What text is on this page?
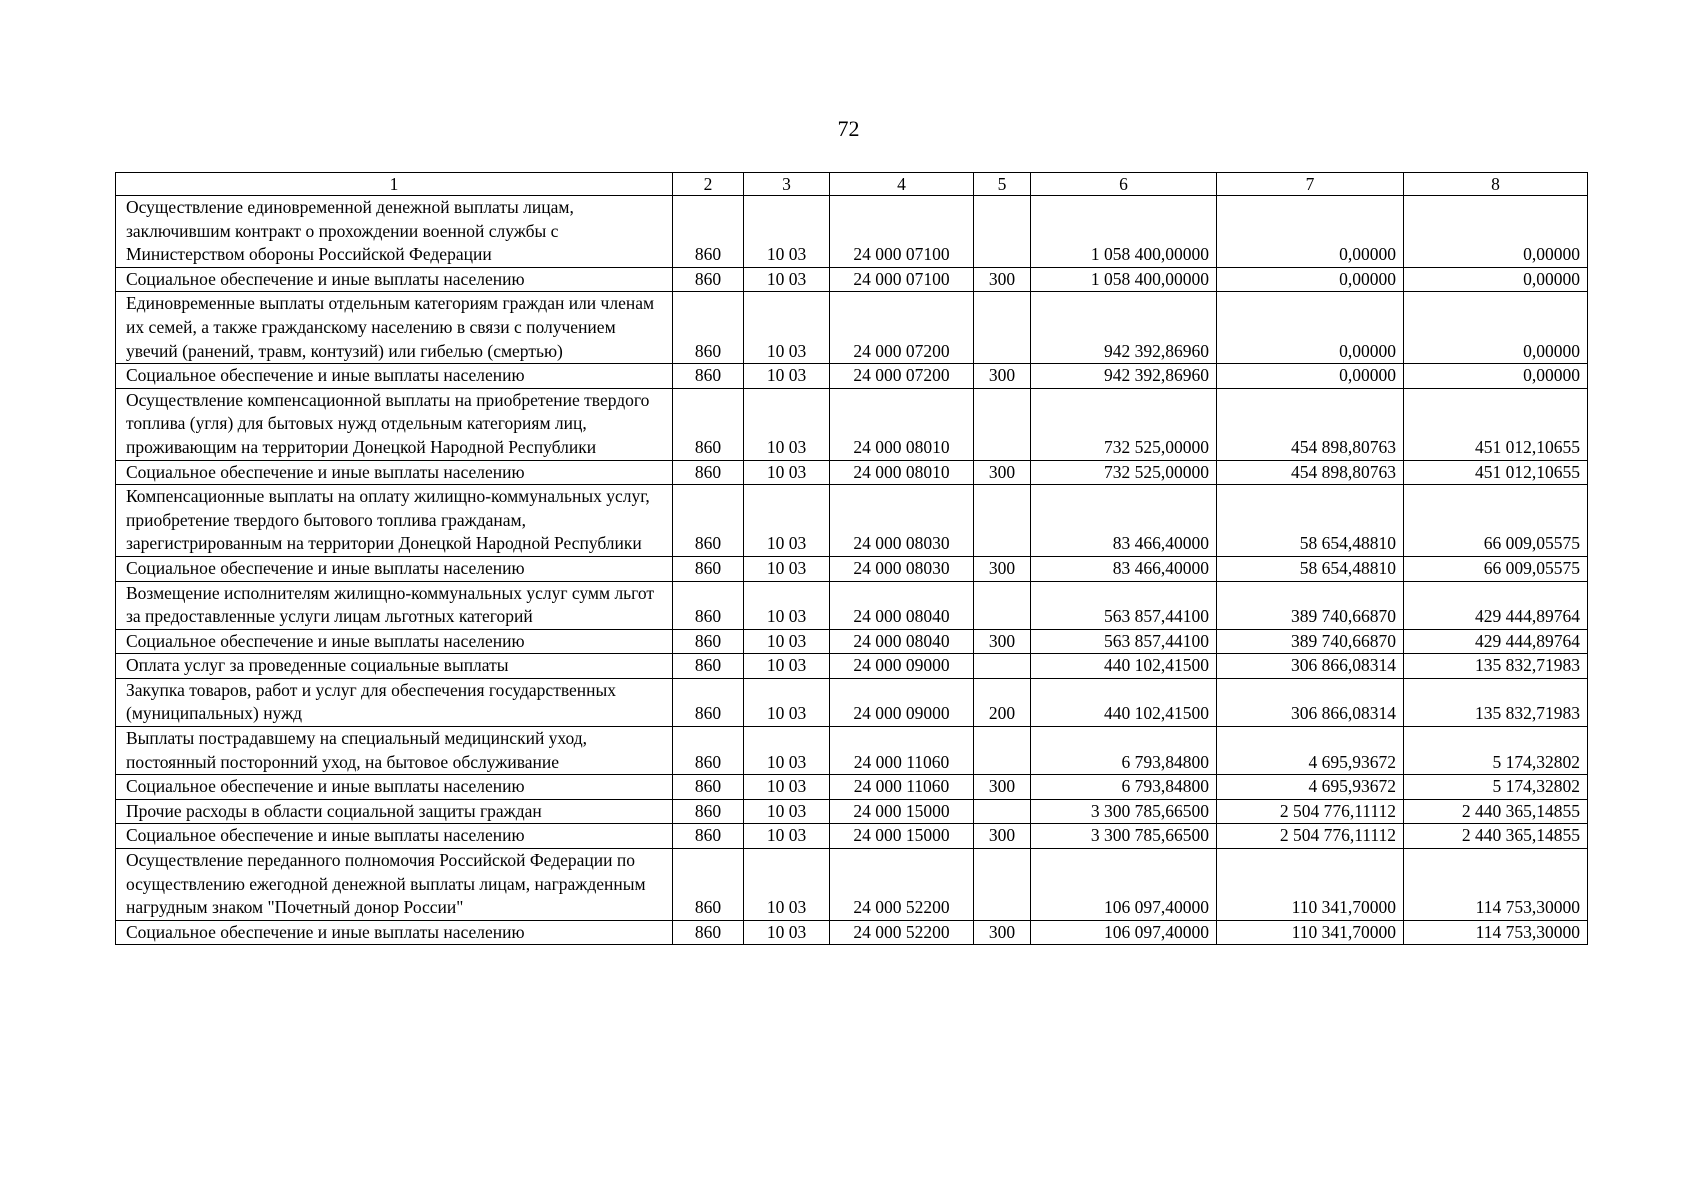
72
1	2	3	4	5	6	7	8
Осуществление единовременной денежной выплаты лицам, заключившим контракт о прохождении военной службы с Министерством обороны Российской Федерации	860	10 03	24 000 07100		1 058 400,00000	0,00000	0,00000
Социальное обеспечение и иные выплаты населению	860	10 03	24 000 07100	300	1 058 400,00000	0,00000	0,00000
Единовременные выплаты отдельным категориям граждан или членам их семей, а также гражданскому населению в связи с получением увечий (ранений, травм, контузий) или гибелью (смертью)	860	10 03	24 000 07200		942 392,86960	0,00000	0,00000
Социальное обеспечение и иные выплаты населению	860	10 03	24 000 07200	300	942 392,86960	0,00000	0,00000
Осуществление компенсационной выплаты на приобретение твердого топлива (угля) для бытовых нужд отдельным категориям лиц, проживающим на территории Донецкой Народной Республики	860	10 03	24 000 08010		732 525,00000	454 898,80763	451 012,10655
Социальное обеспечение и иные выплаты населению	860	10 03	24 000 08010	300	732 525,00000	454 898,80763	451 012,10655
Компенсационные выплаты на оплату жилищно-коммунальных услуг, приобретение твердого бытового топлива гражданам, зарегистрированным на территории Донецкой Народной Республики	860	10 03	24 000 08030		83 466,40000	58 654,48810	66 009,05575
Социальное обеспечение и иные выплаты населению	860	10 03	24 000 08030	300	83 466,40000	58 654,48810	66 009,05575
Возмещение исполнителям жилищно-коммунальных услуг сумм льгот за предоставленные услуги лицам льготных категорий	860	10 03	24 000 08040		563 857,44100	389 740,66870	429 444,89764
Социальное обеспечение и иные выплаты населению	860	10 03	24 000 08040	300	563 857,44100	389 740,66870	429 444,89764
Оплата услуг за проведенные социальные выплаты	860	10 03	24 000 09000		440 102,41500	306 866,08314	135 832,71983
Закупка товаров, работ и услуг для обеспечения государственных (муниципальных) нужд	860	10 03	24 000 09000	200	440 102,41500	306 866,08314	135 832,71983
Выплаты пострадавшему на специальный медицинский уход, постоянный посторонний уход, на бытовое обслуживание	860	10 03	24 000 11060		6 793,84800	4 695,93672	5 174,32802
Социальное обеспечение и иные выплаты населению	860	10 03	24 000 11060	300	6 793,84800	4 695,93672	5 174,32802
Прочие расходы в области социальной защиты граждан	860	10 03	24 000 15000		3 300 785,66500	2 504 776,11112	2 440 365,14855
Социальное обеспечение и иные выплаты населению	860	10 03	24 000 15000	300	3 300 785,66500	2 504 776,11112	2 440 365,14855
Осуществление переданного полномочия Российской Федерации по осуществлению ежегодной денежной выплаты лицам, награжденным нагрудным знаком "Почетный донор России"	860	10 03	24 000 52200		106 097,40000	110 341,70000	114 753,30000
Социальное обеспечение и иные выплаты населению	860	10 03	24 000 52200	300	106 097,40000	110 341,70000	114 753,30000
